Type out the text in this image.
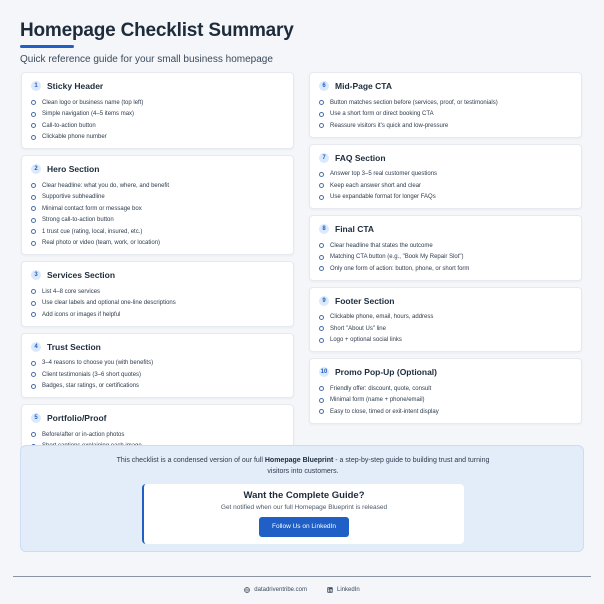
Homepage Checklist Summary
Quick reference guide for your small business homepage
1	Sticky Header
Clean logo or business name (top left)
Simple navigation (4–5 items max)
Call-to-action button
Clickable phone number
2	Hero Section
Clear headline: what you do, where, and benefit
Supportive subheadline
Minimal contact form or message box
Strong call-to-action button
1 trust cue (rating, local, insured, etc.)
Real photo or video (team, work, or location)
3	Services Section
List 4–8 core services
Use clear labels and optional one-line descriptions
Add icons or images if helpful
4	Trust Section
3–4 reasons to choose you (with benefits)
Client testimonials (3–6 short quotes)
Badges, star ratings, or certifications
5	Portfolio/Proof
Before/after or in-action photos
6	Mid-Page CTA
Button matches section before (services, proof, or testimonials)
Use a short form or direct booking CTA
Reassure visitors it's quick and low-pressure
7	FAQ Section
Answer top 3–5 real customer questions
Keep each answer short and clear
Use expandable format for longer FAQs
8	Final CTA
Clear headline that states the outcome
Matching CTA button (e.g., "Book My Repair Slot")
Only one form of action: button, phone, or short form
9	Footer Section
Clickable phone, email, hours, address
Short "About Us" line
Logo + optional social links
10 Promo Pop-Up (Optional)
Friendly offer: discount, quote, consult
Minimal form (name + phone/email)
Easy to close, timed or exit-intent display
This checklist is a condensed version of our full Homepage Blueprint - a step-by-step guide to building trust and turning visitors into customers.
Want the Complete Guide?
Get notified when our full Homepage Blueprint is released
Follow Us on LinkedIn
datadriventribe.com	LinkedIn
